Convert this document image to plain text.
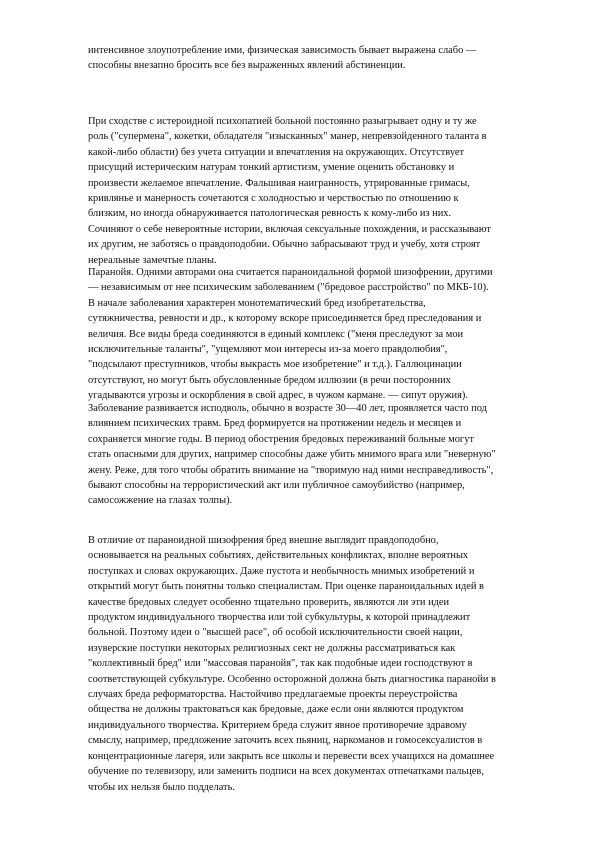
интенсивное злоупотребление ими, физическая зависимость бывает выражена слабо —
способны внезапно бросить все без выраженных явлений абстиненции.
При сходстве с истероидной психопатией больной постоянно разыгрывает одну и ту же
роль ("супермена", кокетки, обладателя "изысканных" манер, непревзойденного таланта в
какой-либо области) без учета ситуации и впечатления на окружающих. Отсутствует
присущий истерическим натурам тонкий артистизм, умение оценить обстановку и
произвести желаемое впечатление. Фальшивая наигранность, утрированные гримасы,
кривлянье и манерность сочетаются с холодностью и черствостью по отношению к
близким, но иногда обнаруживается патологическая ревность к кому-либо из них.
Сочиняют о себе невероятные истории, включая сексуальные похождения, и рассказывают
их другим, не заботясь о правдоподобии. Обычно забрасывают труд и учебу, хотя строят
нереальные замечтые планы.
Паранойя. Одними авторами она считается параноидальной формой шизофрении, другими
— независимым от нее психическим заболеванием ("бредовое расстройство" по МКБ-10).
В начале заболевания характерен монотематический бред изобретательства,
сутяжничества, ревности и др., к которому вскоре присоединяется бред преследования и
величия. Все виды бреда соединяются в единый комплекс ("меня преследуют за мои
исключительные таланты", "ущемляют мои интересы из-за моего правдолюбия",
"подсылают преступников, чтобы выкрасть мое изобретение" и т.д.). Галлюцинации
отсутствуют, но могут быть обусловленные бредом иллюзии (в речи посторонних
угадываются угрозы и оскорбления в свой адрес, в чужом кармане. — сипут оружия).
Заболевание развивается исподволь, обычно в возрасте 30—40 лет, проявляется часто под
влиянием психических травм. Бред формируется на протяжении недель и месяцев и
сохраняется многие годы. В период обострения бредовых переживаний больные могут
стать опасными для других, например способны даже убить мнимого врага или "неверную"
жену. Реже, для того чтобы обратить внимание на "творимую над ними несправедливость",
бывают способны на террористический акт или публичное самоубийство (например,
самосожжение на глазах толпы).
В отличие от параноидной шизофрения бред внешне выглядит правдоподобно,
основывается на реальных событиях, действительных конфликтах, вполне вероятных
поступках и словах окружающих. Даже пустота и необычность мнимых изобретений и
открытий могут быть понятны только специалистам. При оценке параноидальных идей в
качестве бредовых следует особенно тщательно проверить, являются ли эти идеи
продуктом индивидуального творчества или той субкультуры, к которой принадлежит
больной. Поэтому идеи о "высшей расе", об особой исключительности своей нации,
изуверские поступки некоторых религиозных сект не должны рассматриваться как
"коллективный бред" или "массовая паранойя", так как подобные идеи господствуют в
соответствующей субкультуре. Особенно осторожной должна быть диагностика паранойи в
случаях бреда реформаторства. Настойчиво предлагаемые проекты переустройства
общества не должны трактоваться как бредовые, даже если они являются продуктом
индивидуального творчества. Критерием бреда служит явное противоречие здравому
смыслу, например, предложение заточить всех пьяниц, наркоманов и гомосексуалистов в
концентрационные лагеря, или закрыть все школы и перевести всех учащихся на домашнее
обучение по телевизору, или заменить подписи на всех документах отпечатками пальцев,
чтобы их нельзя было подделать.
